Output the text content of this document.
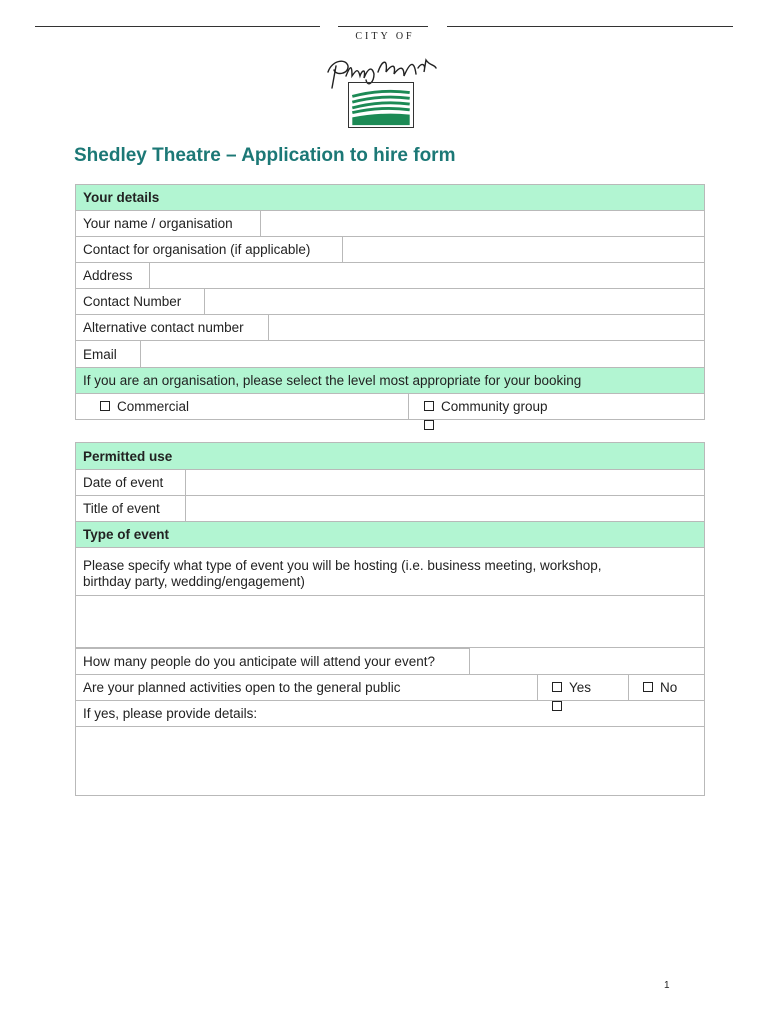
CITY OF
Shedley Theatre – Application to hire form
Your details
Your name / organisation	
Contact for organisation (if applicable)	
Address	
Contact Number	
Alternative contact number	
Email	
If you are an organisation, please select the level most appropriate for your booking
Commercial	Community group
Permitted use	
Date of event	
Title of event	
Type of event	
Please specify what type of event you will be hosting (i.e. business meeting, workshop, birthday party, wedding/engagement)	

How many people do you anticipate will attend your event?	
Are your planned activities open to the general public	Yes	No
If yes, please provide details:

1
